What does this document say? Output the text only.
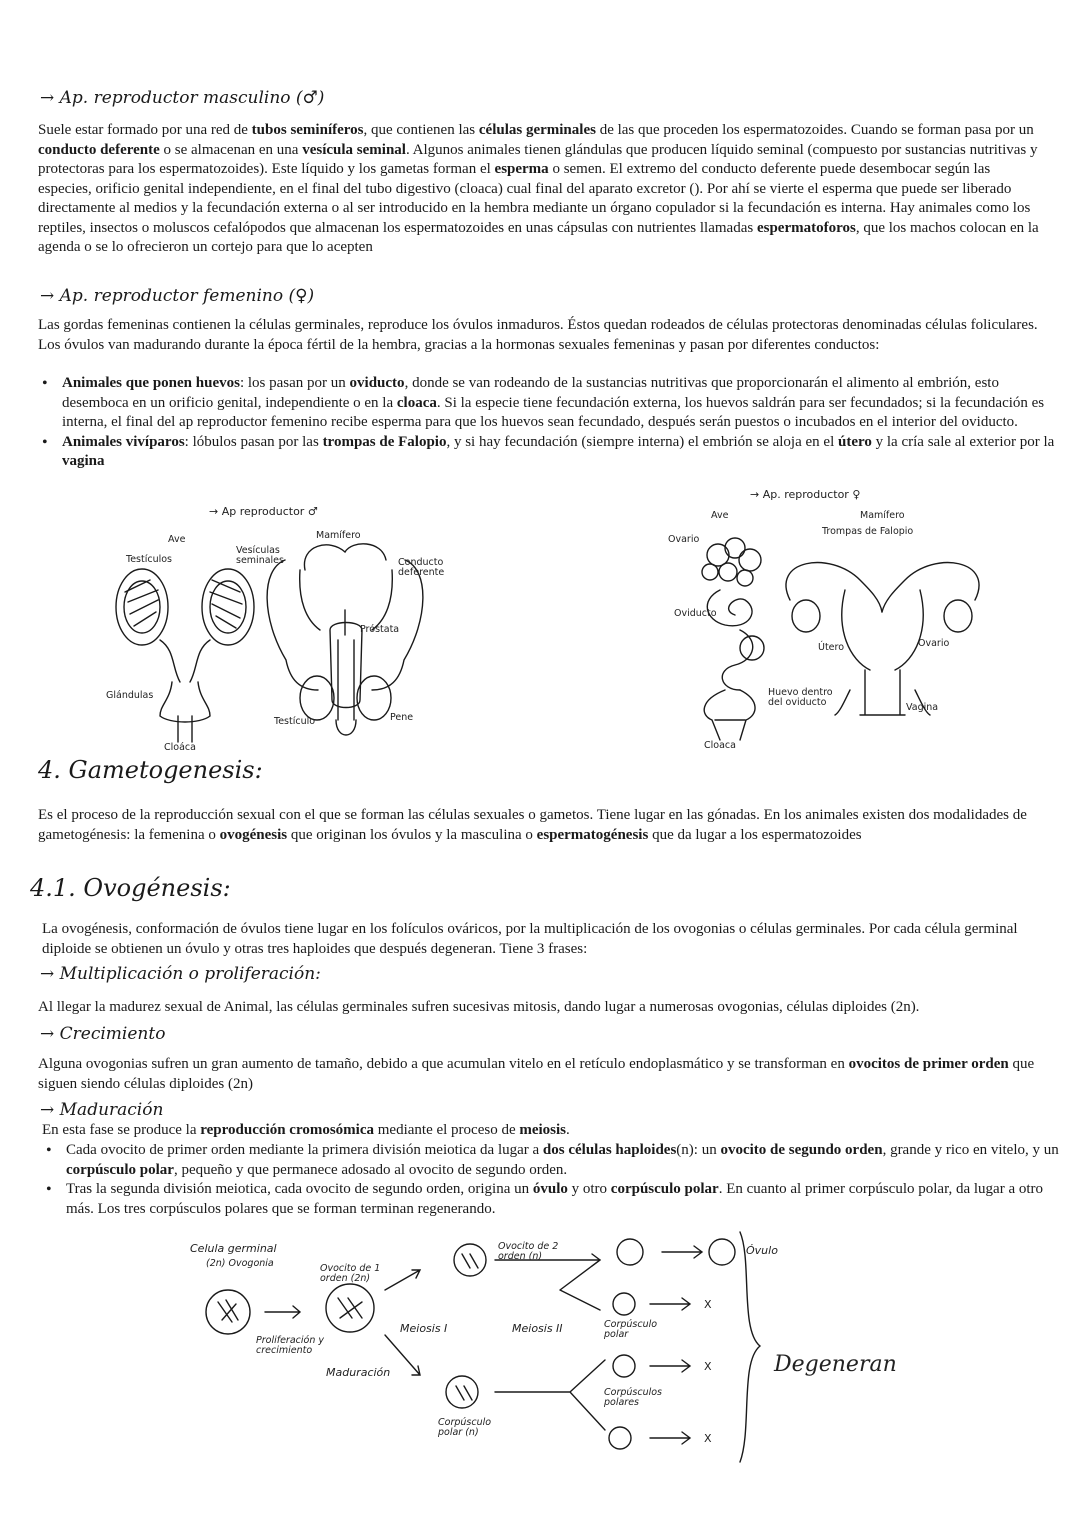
→ Ap. reproductor masculino (♂)

Suele estar formado por una red de tubos seminíferos, que contienen las células germinales de las que proceden los espermatozoides. Cuando se forman pasa por un conducto deferente o se almacenan en una vesícula seminal. Algunos animales tienen glándulas que producen líquido seminal (compuesto por sustancias nutritivas y protectoras para los espermatozoides). Este líquido y los gametas forman el esperma o semen. El extremo del conducto deferente puede desembocar según las especies, orificio genital independiente, en el final del tubo digestivo (cloaca) cual final del aparato excretor (). Por ahí se vierte el esperma que puede ser liberado directamente al medios y la fecundación externa o al ser introducido en la hembra mediante un órgano copulador si la fecundación es interna. Hay animales como los reptiles, insectos o moluscos cefalópodos que almacenan los espermatozoides en unas cápsulas con nutrientes llamadas espermatoforos, que los machos colocan en la agenda o se lo ofrecieron un cortejo para que lo acepten

→ Ap. reproductor femenino (♀)

Las gordas femeninas contienen la células germinales, reproduce los óvulos inmaduros. Éstos quedan rodeados de células protectoras denominadas células foliculares. Los óvulos van madurando durante la época fértil de la hembra, gracias a la hormonas sexuales femeninas y pasan por diferentes conductos:

• Animales que ponen huevos: los pasan por un oviducto, donde se van rodeando de la sustancias nutritivas que proporcionarán el alimento al embrión, esto desemboca en un orificio genital, independiente o en la cloaca. Si la especie tiene fecundación externa, los huevos saldrán para ser fecundados; si la fecundación es interna, el final del ap reproductor femenino recibe esperma para que los huevos sean fecundado, después serán puestos o incubados en el interior del oviducto.
• Animales vivíparos: lóbulos pasan por las trompas de Falopio, y si hay fecundación (siempre interna) el embrión se aloja en el útero y la cría sale al exterior por la vagina
→ Ap reproductor ♂
Ave
Testículos
Glándulas
Cloáca
Mamífero
Vesículas seminales	Conducto deferente
Próstata
Testículo	Pene
→ Ap. reproductor ♀
Ave
Ovario
Oviducto
Huevo dentro del oviducto
Cloaca
Mamífero
Trompas de Falopio
Útero	Ovario
Vagina
4. Gametogenesis:

Es el proceso de la reproducción sexual con el que se forman las células sexuales o gametos. Tiene lugar en las gónadas. En los animales existen dos modalidades de gametogénesis: la femenina o ovogénesis que originan los óvulos y la masculina o espermatogénesis que da lugar a los espermatozoides

4.1. Ovogénesis:

La ovogénesis, conformación de óvulos tiene lugar en los folículos ováricos, por la multiplicación de los ovogonias o células germinales. Por cada célula germinal diploide se obtienen un óvulo y otras tres haploides que después degeneran. Tiene 3 frases:

→ Multiplicación o proliferación:

Al llegar la madurez sexual de Animal, las células germinales sufren sucesivas mitosis, dando lugar a numerosas ovogonias, células diploides (2n).

→ Crecimiento

Alguna ovogonias sufren un gran aumento de tamaño, debido a que acumulan vitelo en el retículo endoplasmático y se transforman en ovocitos de primer orden que siguen siendo células diploides (2n)

→ Maduración

En esta fase se produce la reproducción cromosómica mediante el proceso de meiosis.

• Cada ovocito de primer orden mediante la primera división meiotica da lugar a dos células haploides(n): un ovocito de segundo orden, grande y rico en vitelo, y un corpúsculo polar, pequeño y que permanece adosado al ovocito de segundo orden.
• Tras la segunda división meiotica, cada ovocito de segundo orden, origina un óvulo y otro corpúsculo polar. En cuanto al primer corpúsculo polar, da lugar a otro más. Los tres corpúsculos polares que se forman terminan regenerando.
Celula germinal
(2n) Ovogonia	Ovocito de 1 orden (2n)
Proliferación y crecimiento
Maduración
Meiosis I
Ovocito de 2 orden (n)
Corpúsculo polar (n)
Meiosis II
Óvulo
Corpúsculo polar
Corpúsculos polares
X
X
X
Degeneran
